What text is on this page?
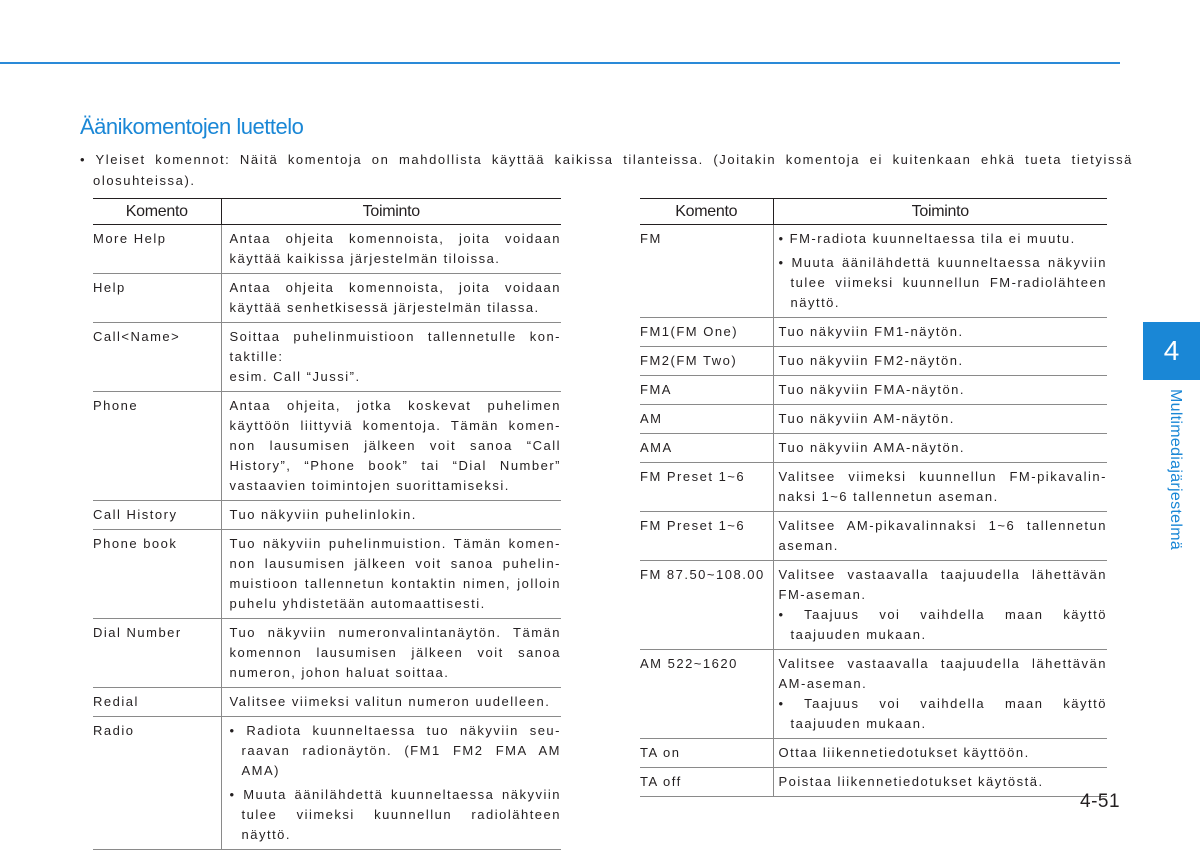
Äänikomentojen luettelo
• Yleiset komennot: Näitä komentoja on mahdollista käyttää kaikissa tilanteissa. (Joitakin komentoja ei kuitenkaan ehkä tueta tietyissä olosuhteissa).
Komento	Toiminto
More Help	Antaa ohjeita komennoista, joita voidaan käyttää kaikissa järjestelmän tiloissa.
Help	Antaa ohjeita komennoista, joita voidaan käyttää senhetkisessä järjestelmän tilassa.
Call<Name>	Soittaa puhelinmuistioon tallennetulle kon-taktille:
esim. Call “Jussi”.

Phone	Antaa ohjeita, jotka koskevat puhelimen käyttöön liittyviä komentoja. Tämän komen-non lausumisen jälkeen voit sanoa “Call History”, “Phone book” tai “Dial Number” vastaavien toimintojen suorittamiseksi.
Call History	Tuo näkyviin puhelinlokin.
Phone book	Tuo näkyviin puhelinmuistion. Tämän komen-non lausumisen jälkeen voit sanoa puhelin-muistioon tallennetun kontaktin nimen, jolloin puhelu yhdistetään automaattisesti.
Dial Number	Tuo näkyviin numeronvalintanäytön. Tämän komennon lausumisen jälkeen voit sanoa numeron, johon haluat soittaa.
Redial	Valitsee viimeksi valitun numeron uudelleen.
Radio	• Radiota kuunneltaessa tuo näkyviin seu-raavan radionäytön. (FM1 FM2 FMA AM AMA)
• Muuta äänilähdettä kuunneltaessa näkyviin tulee viimeksi kuunnellun radiolähteen näyttö.
Komento	Toiminto
FM	• FM-radiota kuunneltaessa tila ei muutu.
• Muuta äänilähdettä kuunneltaessa näkyviin tulee viimeksi kuunnellun FM-radiolähteen näyttö.

FM1(FM One)	Tuo näkyviin FM1-näytön.
FM2(FM Two)	Tuo näkyviin FM2-näytön.
FMA	Tuo näkyviin FMA-näytön.
AM	Tuo näkyviin AM-näytön.
AMA	Tuo näkyviin AMA-näytön.
FM Preset 1~6	Valitsee viimeksi kuunnellun FM-pikavalin-naksi 1~6 tallennetun aseman.
FM Preset 1~6	Valitsee AM-pikavalinnaksi 1~6 tallennetun aseman.
FM 87.50~108.00	Valitsee vastaavalla taajuudella lähettävän FM-aseman.
• Taajuus voi vaihdella maan käyttö taajuuden mukaan.

AM 522~1620	Valitsee vastaavalla taajuudella lähettävän AM-aseman.
• Taajuus voi vaihdella maan käyttö taajuuden mukaan.

TA on	Ottaa liikennetiedotukset käyttöön.
TA off	Poistaa liikennetiedotukset käytöstä.
4
Multimediajärjestelmä
4-51
